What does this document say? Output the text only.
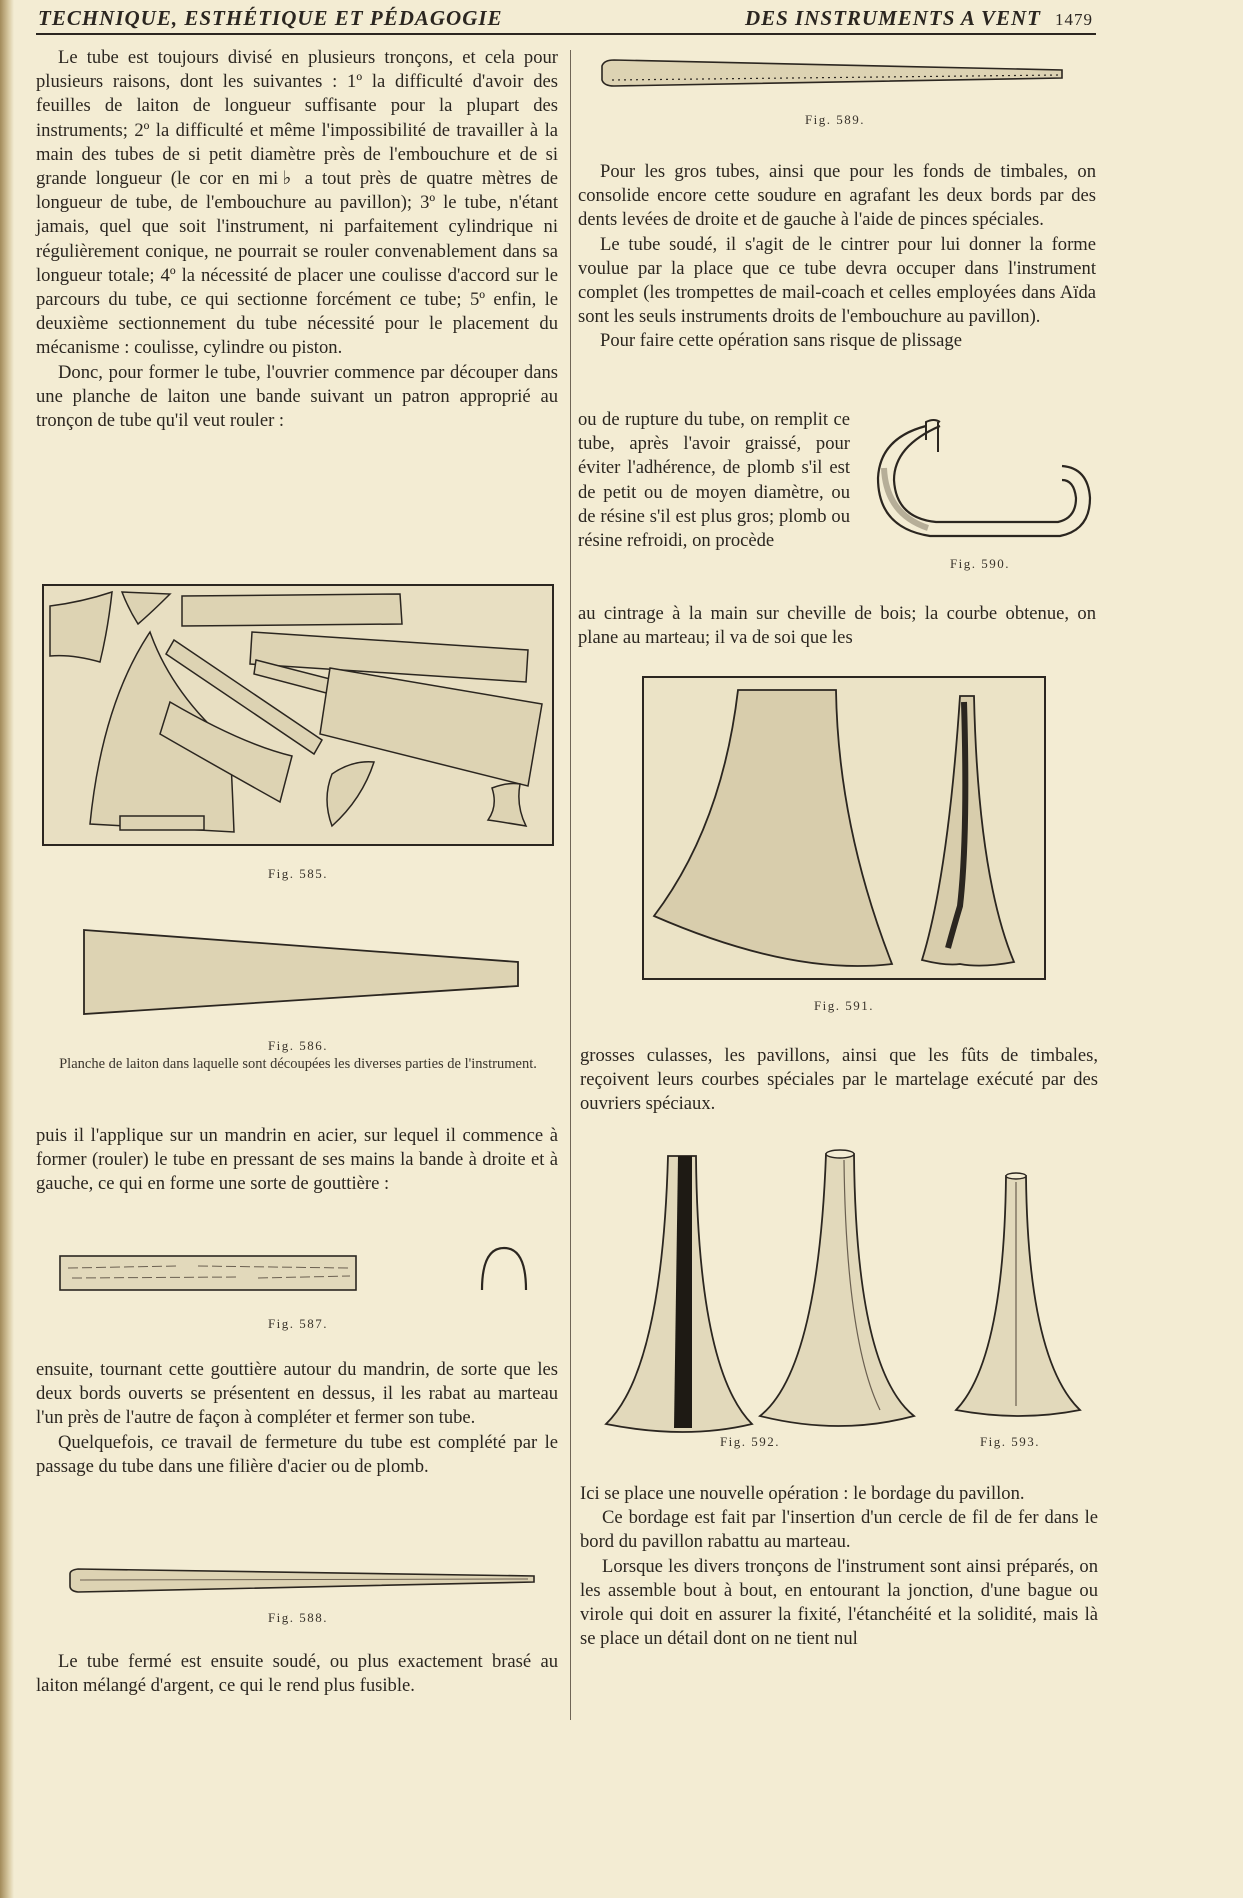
TECHNIQUE, ESTHÉTIQUE ET PÉDAGOGIE	DES INSTRUMENTS A VENT 1479

Le tube est toujours divisé en plusieurs tronçons, et cela pour plusieurs raisons, dont les suivantes : 1º la difficulté d'avoir des feuilles de laiton de longueur suffisante pour la plupart des instruments; 2º la difficulté et même l'impossibilité de travailler à la main des tubes de si petit diamètre près de l'embouchure et de si grande longueur (le cor en mi♭ a tout près de quatre mètres de longueur de tube, de l'embouchure au pavillon); 3º le tube, n'étant jamais, quel que soit l'instrument, ni parfaitement cylindrique ni régulièrement conique, ne pourrait se rouler convenablement dans sa longueur totale; 4º la nécessité de placer une coulisse d'accord sur le parcours du tube, ce qui sectionne forcément ce tube; 5º enfin, le deuxième sectionnement du tube nécessité pour le placement du mécanisme : coulisse, cylindre ou piston.

Donc, pour former le tube, l'ouvrier commence par découper dans une planche de laiton une bande suivant un patron approprié au tronçon de tube qu'il veut rouler :

Fig. 585.
Fig. 586.
Planche de laiton dans laquelle sont découpées les diverses parties de l'instrument.

puis il l'applique sur un mandrin en acier, sur lequel il commence à former (rouler) le tube en pressant de ses mains la bande à droite et à gauche, ce qui en forme une sorte de gouttière :

Fig. 587.

ensuite, tournant cette gouttière autour du mandrin, de sorte que les deux bords ouverts se présentent en dessus, il les rabat au marteau l'un près de l'autre de façon à compléter et fermer son tube.

Quelquefois, ce travail de fermeture du tube est complété par le passage du tube dans une filière d'acier ou de plomb.

Fig. 588.

Le tube fermé est ensuite soudé, ou plus exactement brasé au laiton mélangé d'argent, ce qui le rend plus fusible.

Fig. 589.

Pour les gros tubes, ainsi que pour les fonds de timbales, on consolide encore cette soudure en agrafant les deux bords par des dents levées de droite et de gauche à l'aide de pinces spéciales.

Le tube soudé, il s'agit de le cintrer pour lui donner la forme voulue par la place que ce tube devra occuper dans l'instrument complet (les trompettes de mail-coach et celles employées dans Aïda sont les seuls instruments droits de l'embouchure au pavillon).

Pour faire cette opération sans risque de plissage

ou de rupture du tube, on remplit ce tube, après l'avoir graissé, pour éviter l'adhérence, de plomb s'il est de petit ou de moyen diamètre, ou de résine s'il est plus gros; plomb ou résine refroidi, on procède
Fig. 590.

au cintrage à la main sur cheville de bois; la courbe obtenue, on plane au marteau; il va de soi que les

Fig. 591.

grosses culasses, les pavillons, ainsi que les fûts de timbales, reçoivent leurs courbes spéciales par le martelage exécuté par des ouvriers spéciaux.

Fig. 592.	Fig. 593.

Ici se place une nouvelle opération : le bordage du pavillon.

Ce bordage est fait par l'insertion d'un cercle de fil de fer dans le bord du pavillon rabattu au marteau.

Lorsque les divers tronçons de l'instrument sont ainsi préparés, on les assemble bout à bout, en entourant la jonction, d'une bague ou virole qui doit en assurer la fixité, l'étanchéité et la solidité, mais là se place un détail dont on ne tient nul
